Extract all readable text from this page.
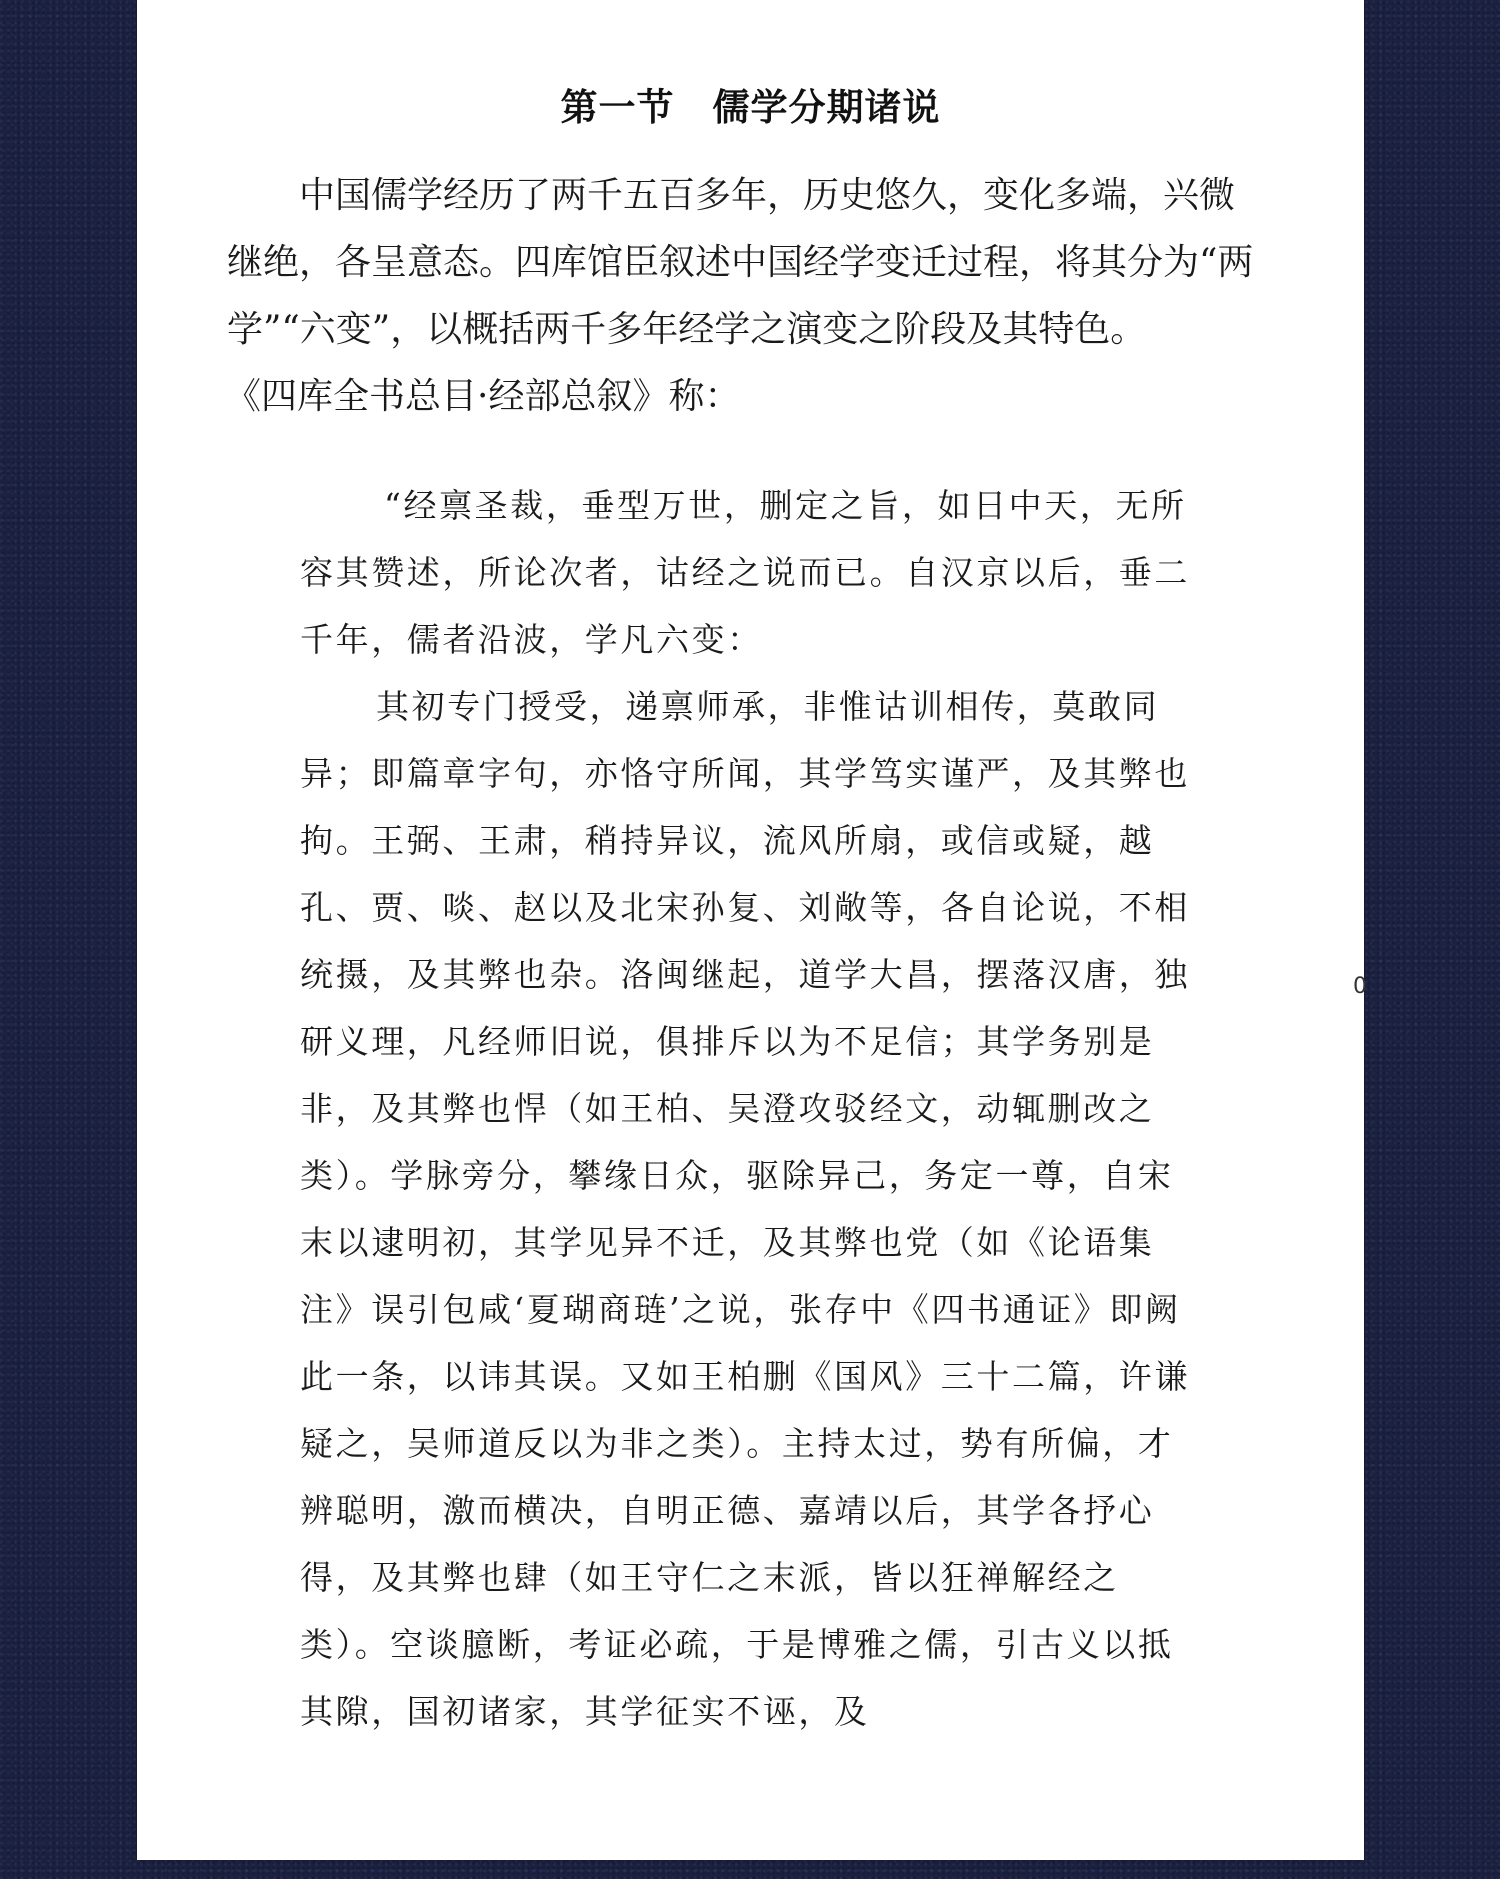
第一节　儒学分期诸说

中国儒学经历了两千五百多年，历史悠久，变化多端，兴微继绝，各呈意态。四库馆臣叙述中国经学变迁过程，将其分为“两学”“六变”，以概括两千多年经学之演变之阶段及其特色。

《四库全书总目·经部总叙》称：

“经禀圣裁，垂型万世，删定之旨，如日中天，无所容其赞述，所论次者，诂经之说而已。自汉京以后，垂二千年，儒者沿波，学凡六变：

其初专门授受，递禀师承，非惟诂训相传，莫敢同异；即篇章字句，亦恪守所闻，其学笃实谨严，及其弊也拘。王弼、王肃，稍持异议，流风所扇，或信或疑，越孔、贾、啖、赵以及北宋孙复、刘敞等，各自论说，不相统摄，及其弊也杂。洛闽继起，道学大昌，摆落汉唐，独研义理，凡经师旧说，俱排斥以为不足信；其学务别是非，及其弊也悍（如王柏、吴澄攻驳经文，动辄删改之类）。学脉旁分，攀缘日众，驱除异己，务定一尊，自宋末以逮明初，其学见异不迁，及其弊也党（如《论语集注》误引包咸‘夏瑚商琏’之说，张存中《四书通证》即阙此一条，以讳其误。又如王柏删《国风》三十二篇，许谦疑之，吴师道反以为非之类）。主持太过，势有所偏，才辨聪明，激而横决，自明正德、嘉靖以后，其学各抒心得，及其弊也肆（如王守仁之末派，皆以狂禅解经之类）。空谈臆断，考证必疏，于是博雅之儒，引古义以抵其隙，国初诸家，其学征实不诬，及

0
